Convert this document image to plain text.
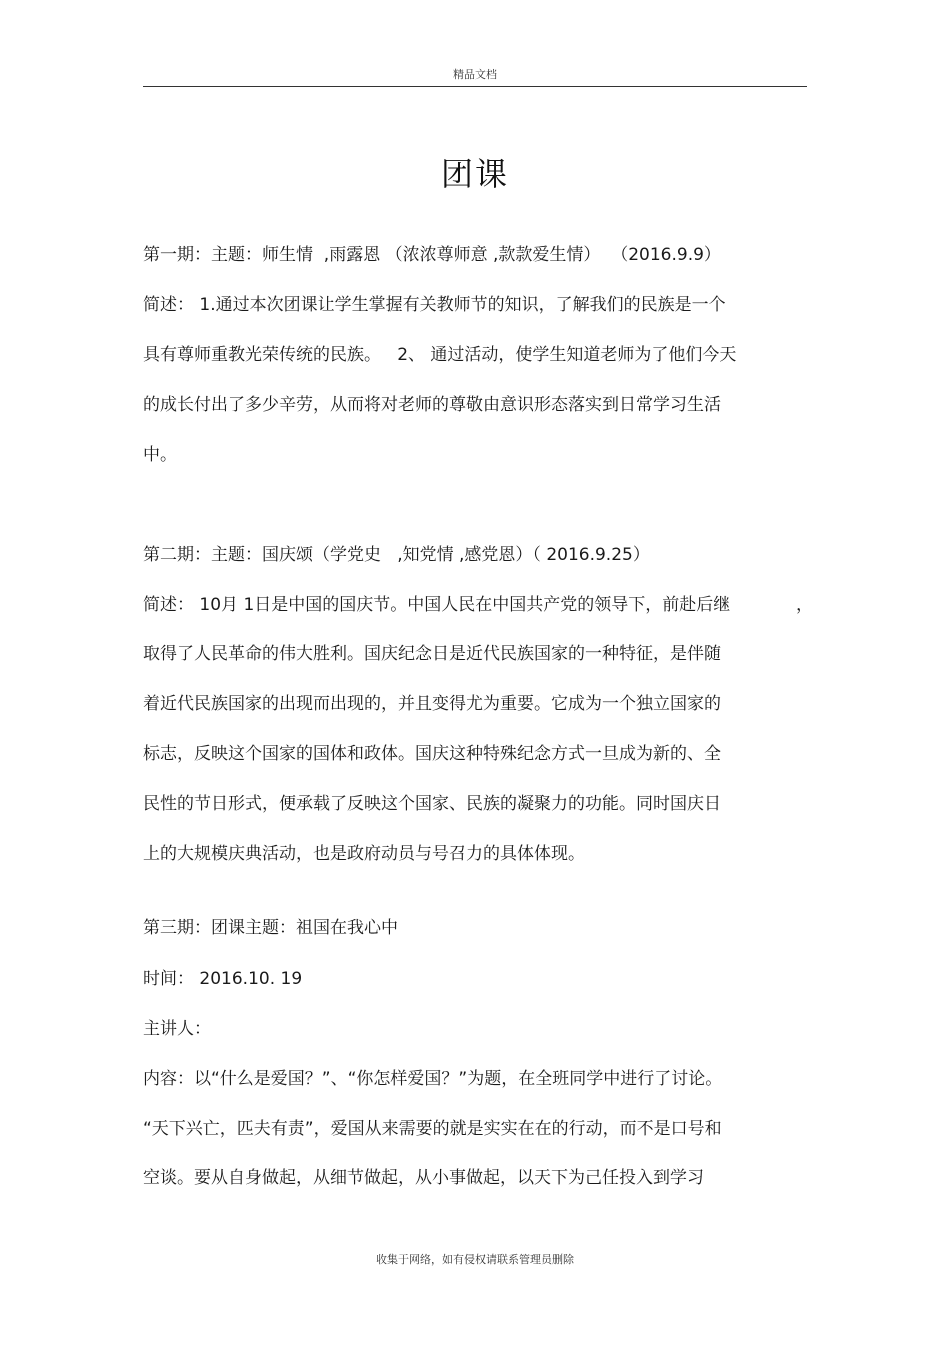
精品文档
团课
第一期：主题：师生情  ,雨露恩 （浓浓尊师意 ,款款爱生情）  （2016.9.9）
简述： 1.通过本次团课让学生掌握有关教师节的知识，了解我们的民族是一个
具有尊师重教光荣传统的民族。   2、 通过活动，使学生知道老师为了他们今天
的成长付出了多少辛劳，从而将对老师的尊敬由意识形态落实到日常学习生活
中。
第二期：主题：国庆颂（学党史   ,知党情 ,感党恩）（ 2016.9.25）
简述： 10月 1日是中国的国庆节。中国人民在中国共产党的领导下，前赴后继	，
取得了人民革命的伟大胜利。国庆纪念日是近代民族国家的一种特征，是伴随
着近代民族国家的出现而出现的，并且变得尤为重要。它成为一个独立国家的
标志，反映这个国家的国体和政体。国庆这种特殊纪念方式一旦成为新的、全
民性的节日形式，便承载了反映这个国家、民族的凝聚力的功能。同时国庆日
上的大规模庆典活动，也是政府动员与号召力的具体体现。
第三期：团课主题：祖国在我心中
时间： 2016.10. 19
主讲人：
内容：以“什么是爱国？”、“你怎样爱国？”为题，在全班同学中进行了讨论。
“天下兴亡，匹夫有责”，爱国从来需要的就是实实在在的行动，而不是口号和
空谈。要从自身做起，从细节做起，从小事做起，以天下为己任投入到学习
收集于网络，如有侵权请联系管理员删除
